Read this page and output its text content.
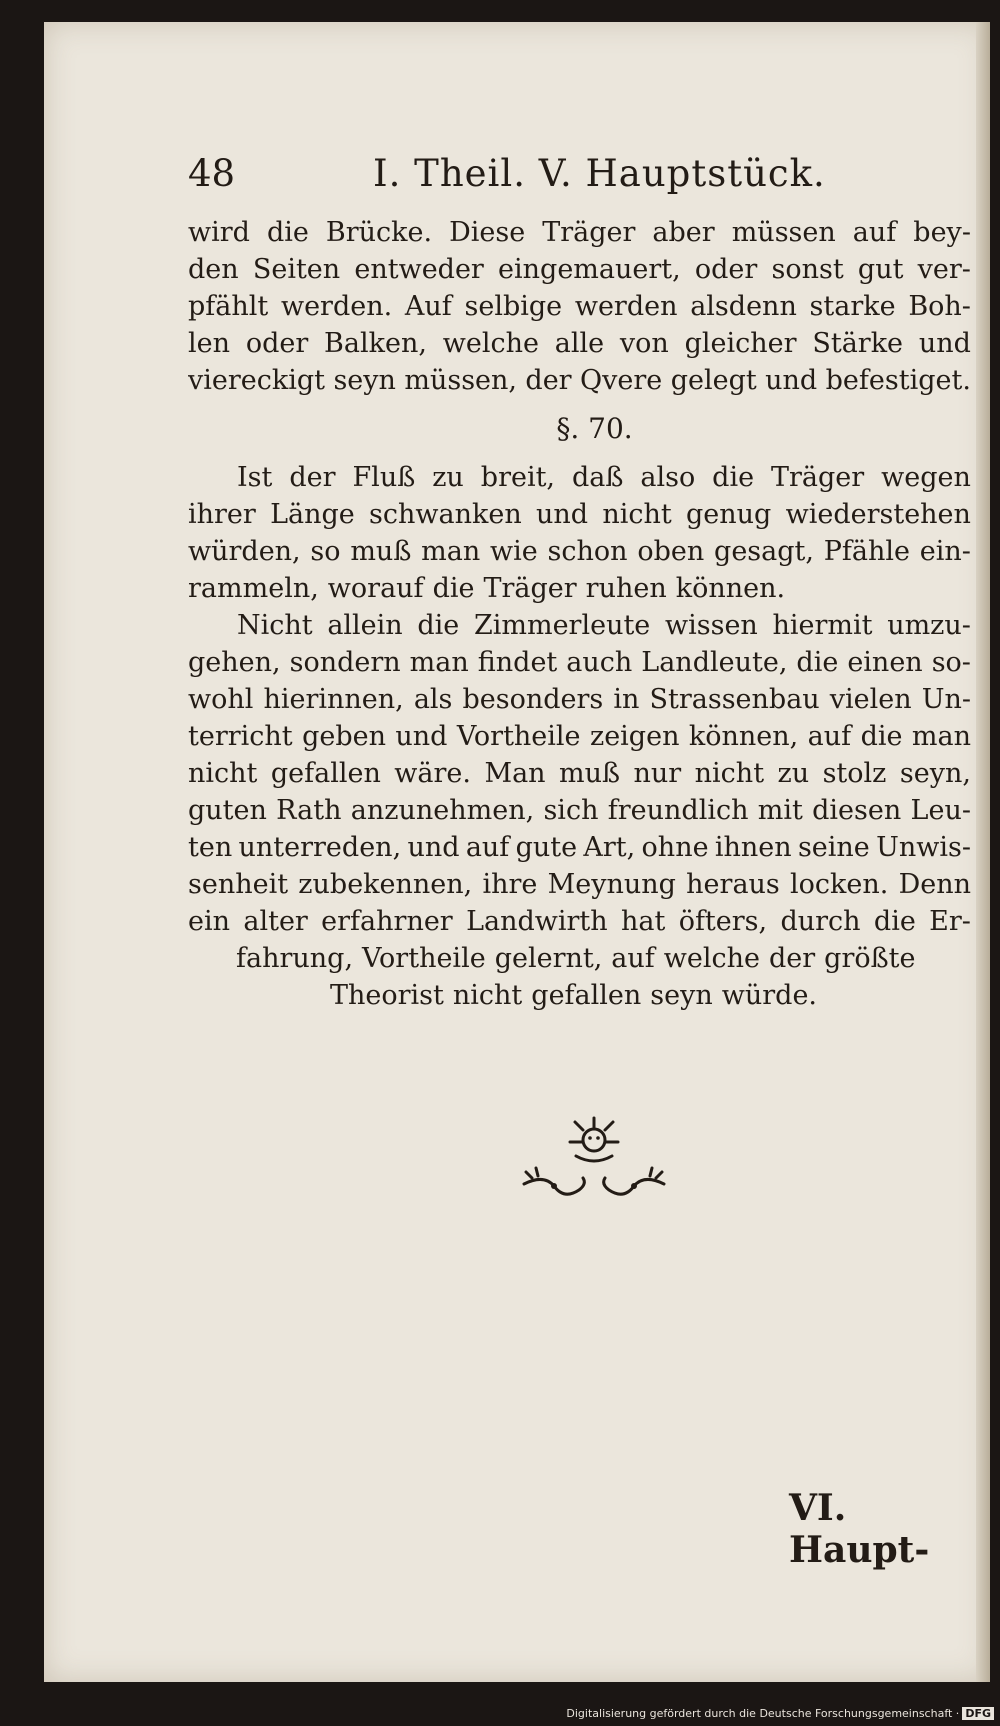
48	I. Theil. V. Hauptstück.
wird die Brücke. Diese Träger aber müssen auf bey-
den Seiten entweder eingemauert, oder sonst gut ver-
pfählt werden. Auf selbige werden alsdenn starke Boh-
len oder Balken, welche alle von gleicher Stärke und
viereckigt seyn müssen, der Qvere gelegt und befestiget.
§. 70.
Ist der Fluß zu breit, daß also die Träger wegen
ihrer Länge schwanken und nicht genug wiederstehen
würden, so muß man wie schon oben gesagt, Pfähle ein-
rammeln, worauf die Träger ruhen können.
Nicht allein die Zimmerleute wissen hiermit umzu-
gehen, sondern man findet auch Landleute, die einen so-
wohl hierinnen, als besonders in Strassenbau vielen Un-
terricht geben und Vortheile zeigen können, auf die man
nicht gefallen wäre. Man muß nur nicht zu stolz seyn,
guten Rath anzunehmen, sich freundlich mit diesen Leu-
ten unterreden, und auf gute Art, ohne ihnen seine Unwis-
senheit zubekennen, ihre Meynung heraus locken. Denn
ein alter erfahrner Landwirth hat öfters, durch die Er-
fahrung, Vortheile gelernt, auf welche der größte
Theorist nicht gefallen seyn würde.
VI. Haupt-
Digitalisierung gefördert durch die Deutsche Forschungsgemeinschaft · DFG
